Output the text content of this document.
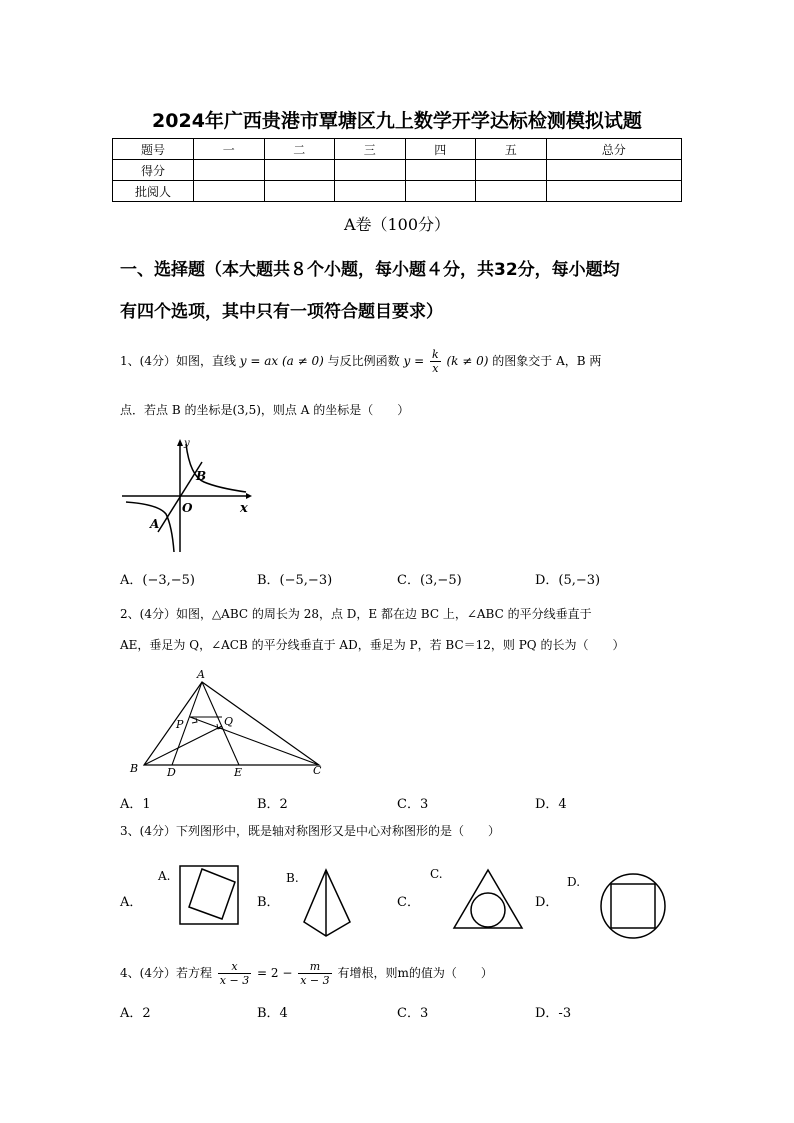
2024年广西贵港市覃塘区九上数学开学达标检测模拟试题
题号	一	二	三	四	五	总分
得分						
批阅人						
A卷（100分）
一、选择题（本大题共８个小题，每小题４分，共32分，每小题均
有四个选项，其中只有一项符合题目要求）
1、(4分）如图，直线 y = ax (a ≠ 0) 与反比例函数 $y = \frac{k}{x} (k \ne 0)$ 的图象交于 A，B 两
点．若点 B 的坐标是(3,5)，则点 A 的坐标是（　　）
y
x
O
B
A
A．(−3,−5)	B．(−5,−3)	C．(3,−5)	D．(5,−3)
2、(4分）如图，△ABC 的周长为 28，点 D，E 都在边 BC 上，∠ABC 的平分线垂直于
AE，垂足为 Q，∠ACB 的平分线垂直于 AD，垂足为 P，若 BC＝12，则 PQ 的长为（　　）
A
B	D	E	C
P	Q
A．1	B．2	C．3	D．4
3、(4分）下列图形中，既是轴对称图形又是中心对称图形的是（　　）
A．
A.
B．
B.
C．
C.
D．
D.
4、(4分）若方程 $\frac{x}{x - 3} = 2 - \frac{m}{x - 3}$ 有增根，则m的值为（　　）
A．2	B．4	C．3	D．-3
